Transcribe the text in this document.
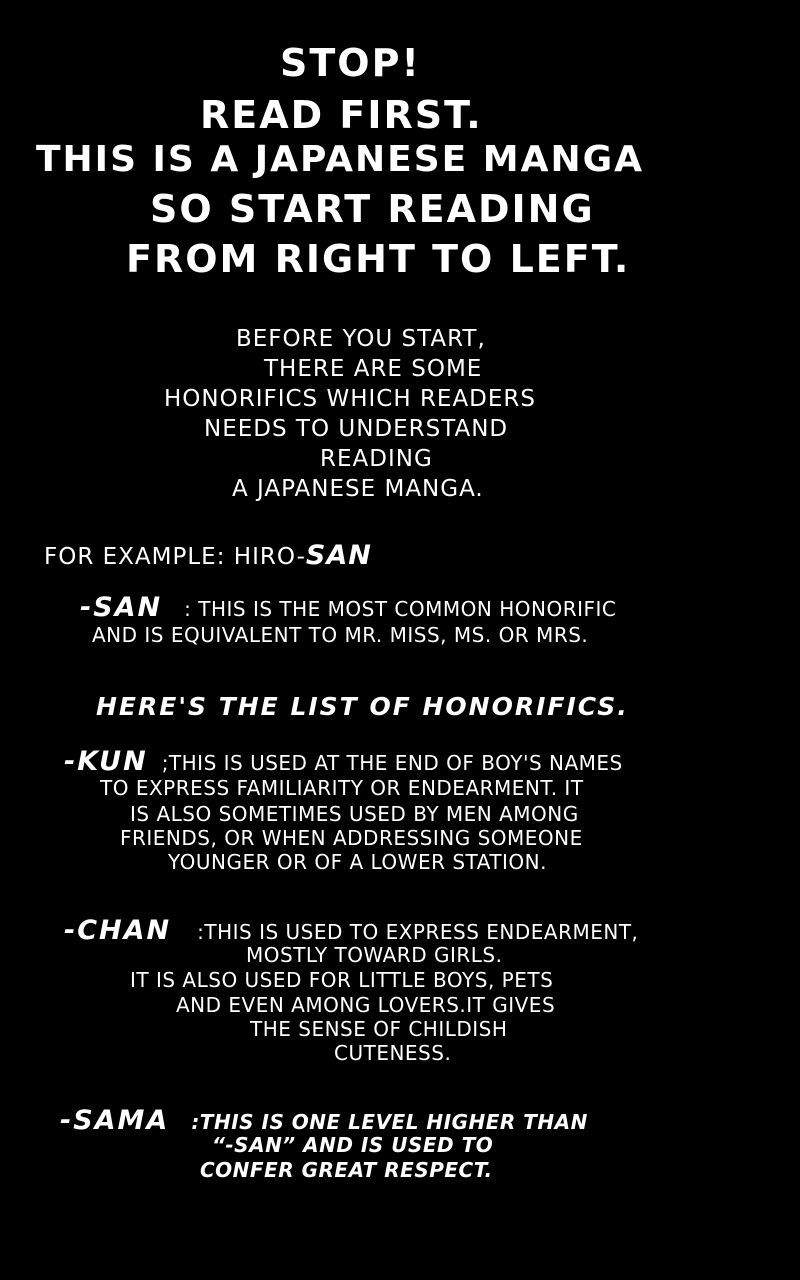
STOP!
READ FIRST.
THIS IS A JAPANESE MANGA
SO START READING
FROM RIGHT TO LEFT.
BEFORE YOU START,
THERE ARE SOME
HONORIFICS WHICH READERS
NEEDS TO UNDERSTAND
READING
A JAPANESE MANGA.
FOR EXAMPLE: HIRO-SAN
-SAN : THIS IS THE MOST COMMON HONORIFIC
AND IS EQUIVALENT TO MR. MISS, MS. OR MRS.
HERE'S THE LIST OF HONORIFICS.
-KUN ;THIS IS USED AT THE END OF BOY'S NAMES
TO EXPRESS FAMILIARITY OR ENDEARMENT. IT
IS ALSO SOMETIMES USED BY MEN AMONG
FRIENDS, OR WHEN ADDRESSING SOMEONE
YOUNGER OR OF A LOWER STATION.
-CHAN :THIS IS USED TO EXPRESS ENDEARMENT,
MOSTLY TOWARD GIRLS.
IT IS ALSO USED FOR LITTLE BOYS, PETS
AND EVEN AMONG LOVERS.IT GIVES
THE SENSE OF CHILDISH
CUTENESS.
-SAMA :THIS IS ONE LEVEL HIGHER THAN
“-SAN” AND IS USED TO
CONFER GREAT RESPECT.
